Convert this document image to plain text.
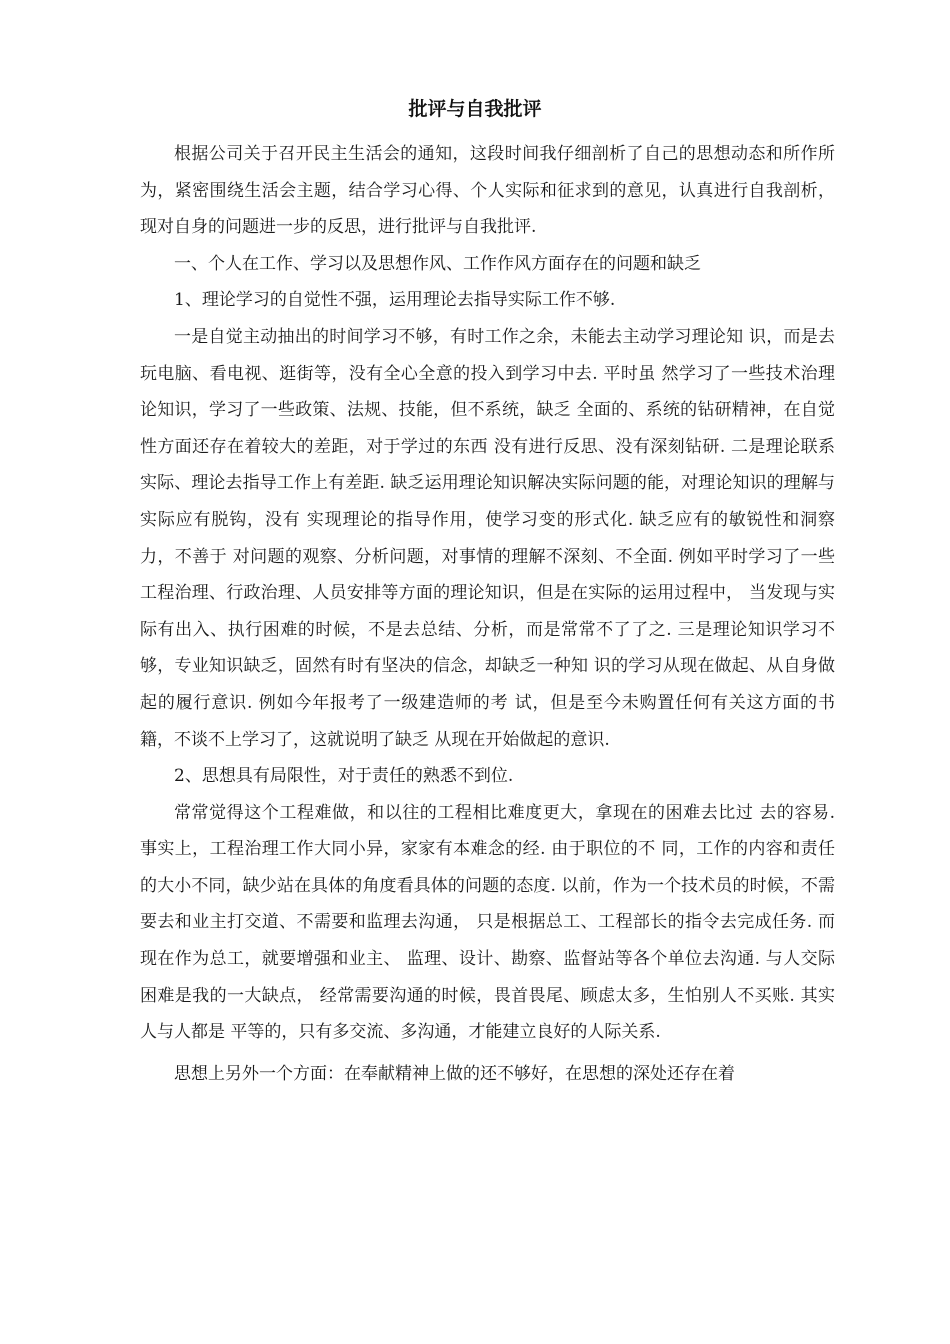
批评与自我批评

根据公司关于召开民主生活会的通知，这段时间我仔细剖析了自己的思想动态和所作所为，紧密围绕生活会主题，结合学习心得、个人实际和征求到的意见，认真进行自我剖析，现对自身的问题进一步的反思，进行批评与自我批评.

一、个人在工作、学习以及思想作风、工作作风方面存在的问题和缺乏

1、理论学习的自觉性不强，运用理论去指导实际工作不够.

一是自觉主动抽出的时间学习不够，有时工作之余，未能去主动学习理论知 识，而是去玩电脑、看电视、逛街等，没有全心全意的投入到学习中去. 平时虽 然学习了一些技术治理论知识，学习了一些政策、法规、技能，但不系统，缺乏 全面的、系统的钻研精神，在自觉性方面还存在着较大的差距，对于学过的东西 没有进行反思、没有深刻钻研. 二是理论联系实际、理论去指导工作上有差距. 缺乏运用理论知识解决实际问题的能，对理论知识的理解与实际应有脱钩，没有 实现理论的指导作用，使学习变的形式化. 缺乏应有的敏锐性和洞察力，不善于 对问题的观察、分析问题，对事情的理解不深刻、不全面. 例如平时学习了一些 工程治理、行政治理、人员安排等方面的理论知识，但是在实际的运用过程中， 当发现与实际有出入、执行困难的时候，不是去总结、分析，而是常常不了了之. 三是理论知识学习不够，专业知识缺乏，固然有时有坚决的信念，却缺乏一种知 识的学习从现在做起、从自身做起的履行意识. 例如今年报考了一级建造师的考 试，但是至今未购置任何有关这方面的书籍，不谈不上学习了，这就说明了缺乏 从现在开始做起的意识.

2、思想具有局限性，对于责任的熟悉不到位.

常常觉得这个工程难做，和以往的工程相比难度更大，拿现在的困难去比过 去的容易. 事实上，工程治理工作大同小异，家家有本难念的经. 由于职位的不 同，工作的内容和责任的大小不同，缺少站在具体的角度看具体的问题的态度. 以前，作为一个技术员的时候，不需要去和业主打交道、不需要和监理去沟通， 只是根据总工、工程部长的指令去完成任务. 而现在作为总工，就要增强和业主、 监理、设计、勘察、监督站等各个单位去沟通. 与人交际困难是我的一大缺点， 经常需要沟通的时候，畏首畏尾、顾虑太多，生怕别人不买账. 其实人与人都是 平等的，只有多交流、多沟通，才能建立良好的人际关系.

思想上另外一个方面：在奉献精神上做的还不够好，在思想的深处还存在着
